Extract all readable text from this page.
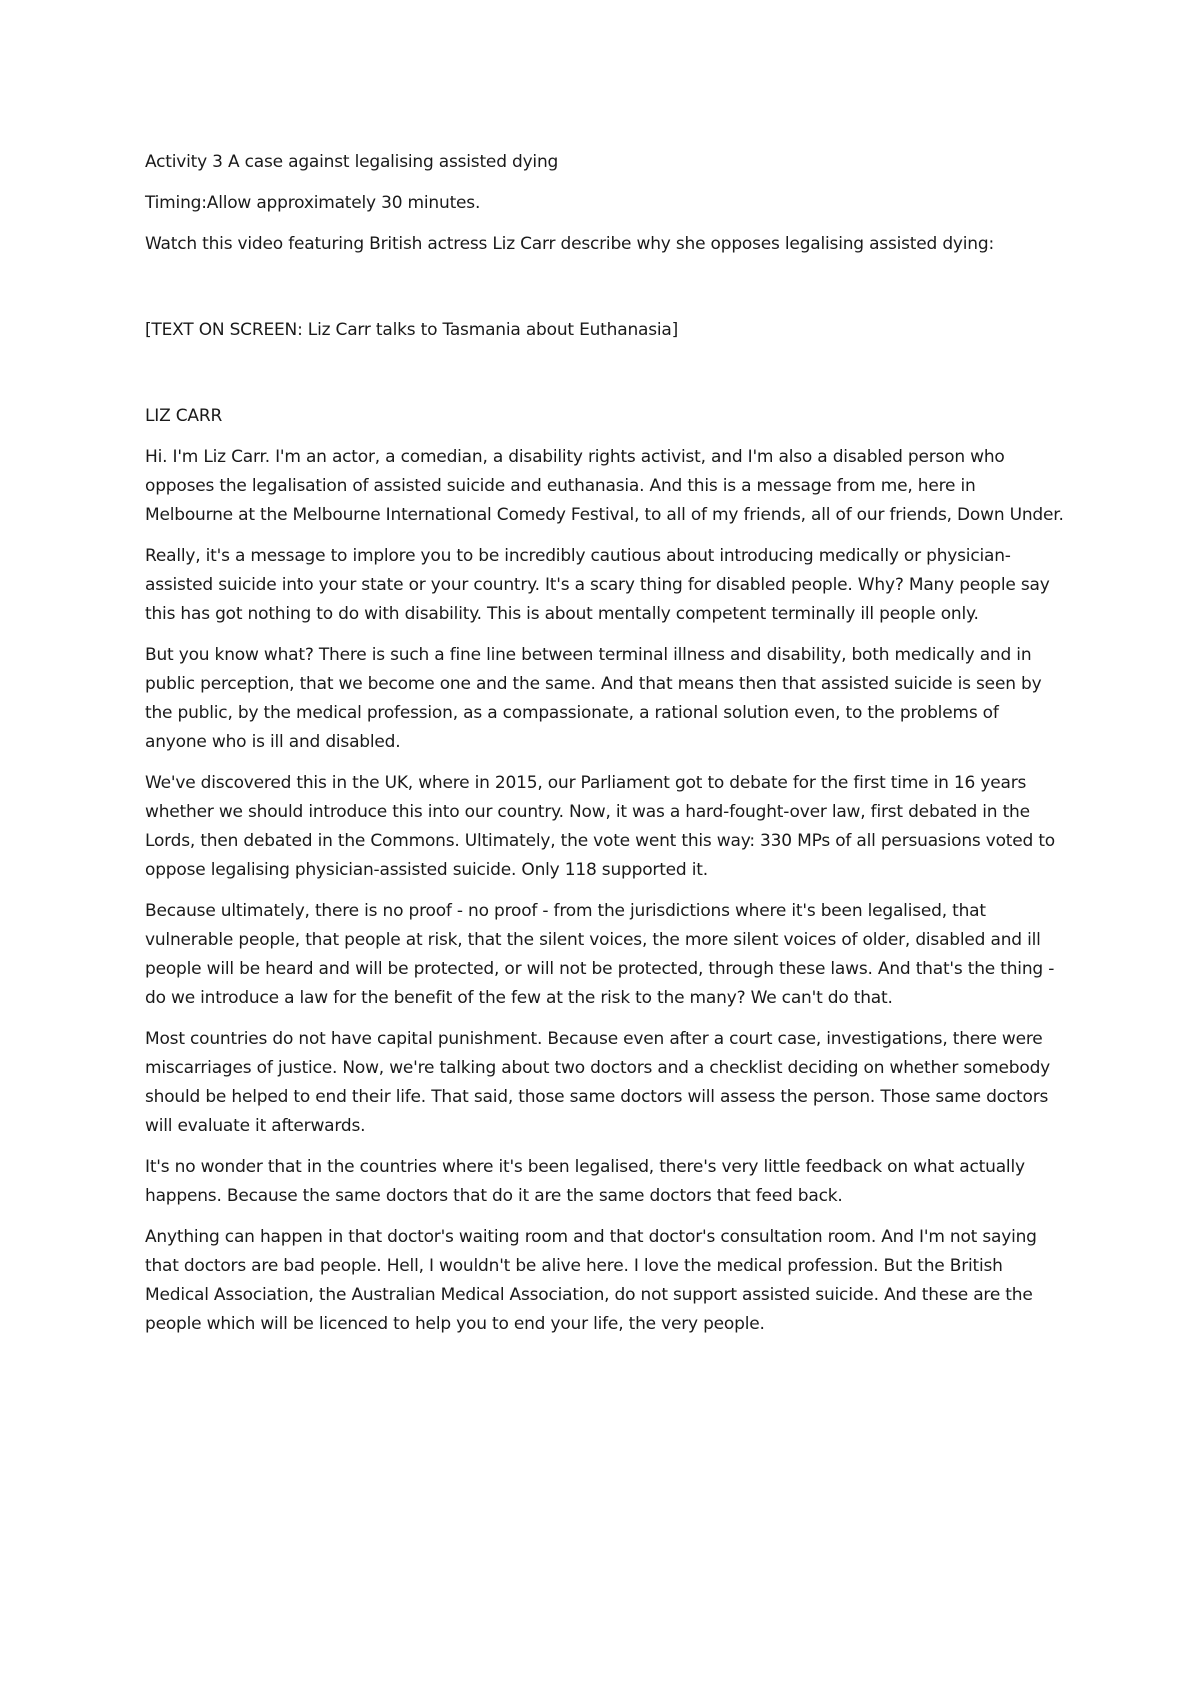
Activity 3 A case against legalising assisted dying

Timing:Allow approximately 30 minutes.

Watch this video featuring British actress Liz Carr describe why she opposes legalising assisted dying:

[TEXT ON SCREEN: Liz Carr talks to Tasmania about Euthanasia]

LIZ CARR

Hi. I'm Liz Carr. I'm an actor, a comedian, a disability rights activist, and I'm also a disabled person who opposes the legalisation of assisted suicide and euthanasia. And this is a message from me, here in Melbourne at the Melbourne International Comedy Festival, to all of my friends, all of our friends, Down Under.

Really, it's a message to implore you to be incredibly cautious about introducing medically or physician-assisted suicide into your state or your country. It's a scary thing for disabled people. Why? Many people say this has got nothing to do with disability. This is about mentally competent terminally ill people only.

But you know what? There is such a fine line between terminal illness and disability, both medically and in public perception, that we become one and the same. And that means then that assisted suicide is seen by the public, by the medical profession, as a compassionate, a rational solution even, to the problems of anyone who is ill and disabled.

We've discovered this in the UK, where in 2015, our Parliament got to debate for the first time in 16 years whether we should introduce this into our country. Now, it was a hard-fought-over law, first debated in the Lords, then debated in the Commons. Ultimately, the vote went this way: 330 MPs of all persuasions voted to oppose legalising physician-assisted suicide. Only 118 supported it.

Because ultimately, there is no proof - no proof - from the jurisdictions where it's been legalised, that vulnerable people, that people at risk, that the silent voices, the more silent voices of older, disabled and ill people will be heard and will be protected, or will not be protected, through these laws. And that's the thing - do we introduce a law for the benefit of the few at the risk to the many? We can't do that.

Most countries do not have capital punishment. Because even after a court case, investigations, there were miscarriages of justice. Now, we're talking about two doctors and a checklist deciding on whether somebody should be helped to end their life. That said, those same doctors will assess the person. Those same doctors will evaluate it afterwards.

It's no wonder that in the countries where it's been legalised, there's very little feedback on what actually happens. Because the same doctors that do it are the same doctors that feed back.

Anything can happen in that doctor's waiting room and that doctor's consultation room. And I'm not saying that doctors are bad people. Hell, I wouldn't be alive here. I love the medical profession. But the British Medical Association, the Australian Medical Association, do not support assisted suicide. And these are the people which will be licenced to help you to end your life, the very people.
